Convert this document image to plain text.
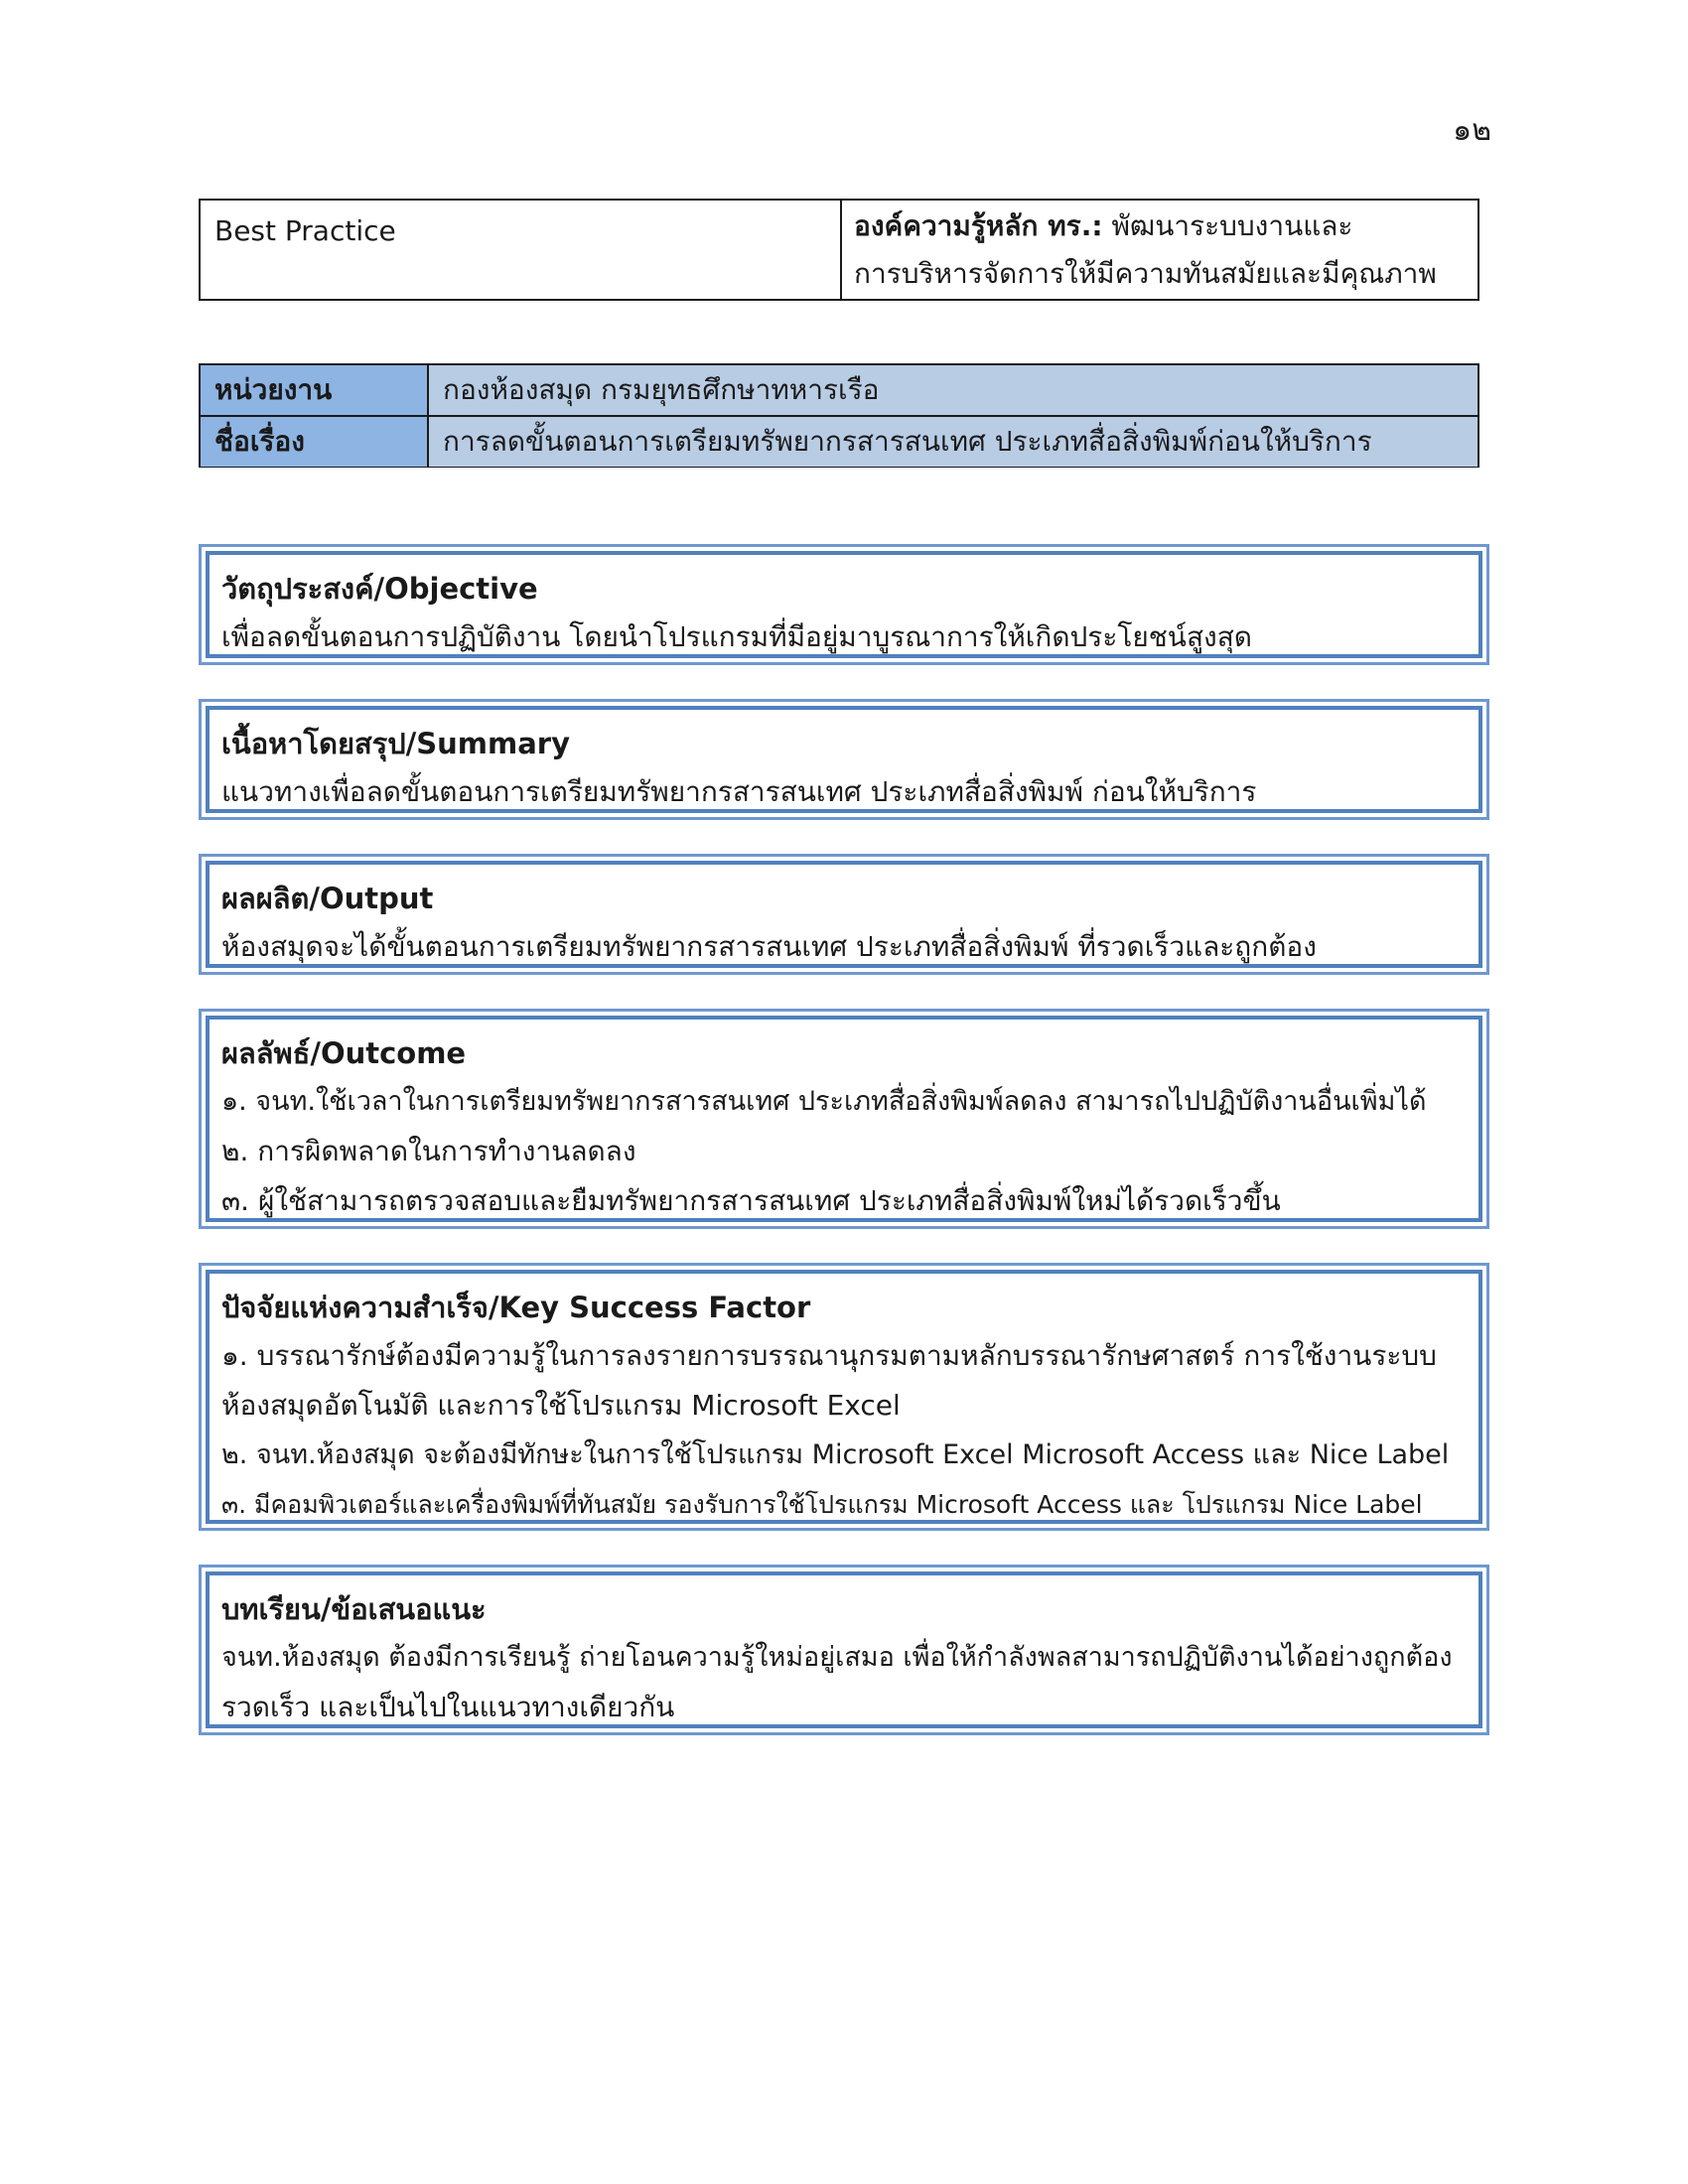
๑๒
Best Practice	องค์ความรู้หลัก ทร.: พัฒนาระบบงานและ
การบริหารจัดการให้มีความทันสมัยและมีคุณภาพ
หน่วยงาน	กองห้องสมุด กรมยุทธศึกษาทหารเรือ
ชื่อเรื่อง	การลดขั้นตอนการเตรียมทรัพยากรสารสนเทศ ประเภทสื่อสิ่งพิมพ์ก่อนให้บริการ
วัตถุประสงค์/Objective
เพื่อลดขั้นตอนการปฏิบัติงาน โดยนำโปรแกรมที่มีอยู่มาบูรณาการให้เกิดประโยชน์สูงสุด
เนื้อหาโดยสรุป/Summary
แนวทางเพื่อลดขั้นตอนการเตรียมทรัพยากรสารสนเทศ ประเภทสื่อสิ่งพิมพ์ ก่อนให้บริการ
ผลผลิต/Output
ห้องสมุดจะได้ขั้นตอนการเตรียมทรัพยากรสารสนเทศ ประเภทสื่อสิ่งพิมพ์ ที่รวดเร็วและถูกต้อง
ผลลัพธ์/Outcome
๑. จนท.ใช้เวลาในการเตรียมทรัพยากรสารสนเทศ ประเภทสื่อสิ่งพิมพ์ลดลง สามารถไปปฏิบัติงานอื่นเพิ่มได้
๒. การผิดพลาดในการทำงานลดลง
๓. ผู้ใช้สามารถตรวจสอบและยืมทรัพยากรสารสนเทศ ประเภทสื่อสิ่งพิมพ์ใหม่ได้รวดเร็วขึ้น
ปัจจัยแห่งความสำเร็จ/Key Success Factor
๑. บรรณารักษ์ต้องมีความรู้ในการลงรายการบรรณานุกรมตามหลักบรรณารักษศาสตร์ การใช้งานระบบ
ห้องสมุดอัตโนมัติ และการใช้โปรแกรม Microsoft Excel
๒. จนท.ห้องสมุด จะต้องมีทักษะในการใช้โปรแกรม Microsoft Excel Microsoft Access และ Nice Label
๓. มีคอมพิวเตอร์และเครื่องพิมพ์ที่ทันสมัย รองรับการใช้โปรแกรม Microsoft Access และ โปรแกรม Nice Label
บทเรียน/ข้อเสนอแนะ
จนท.ห้องสมุด ต้องมีการเรียนรู้ ถ่ายโอนความรู้ใหม่อยู่เสมอ เพื่อให้กำลังพลสามารถปฏิบัติงานได้อย่างถูกต้อง
รวดเร็ว และเป็นไปในแนวทางเดียวกัน
